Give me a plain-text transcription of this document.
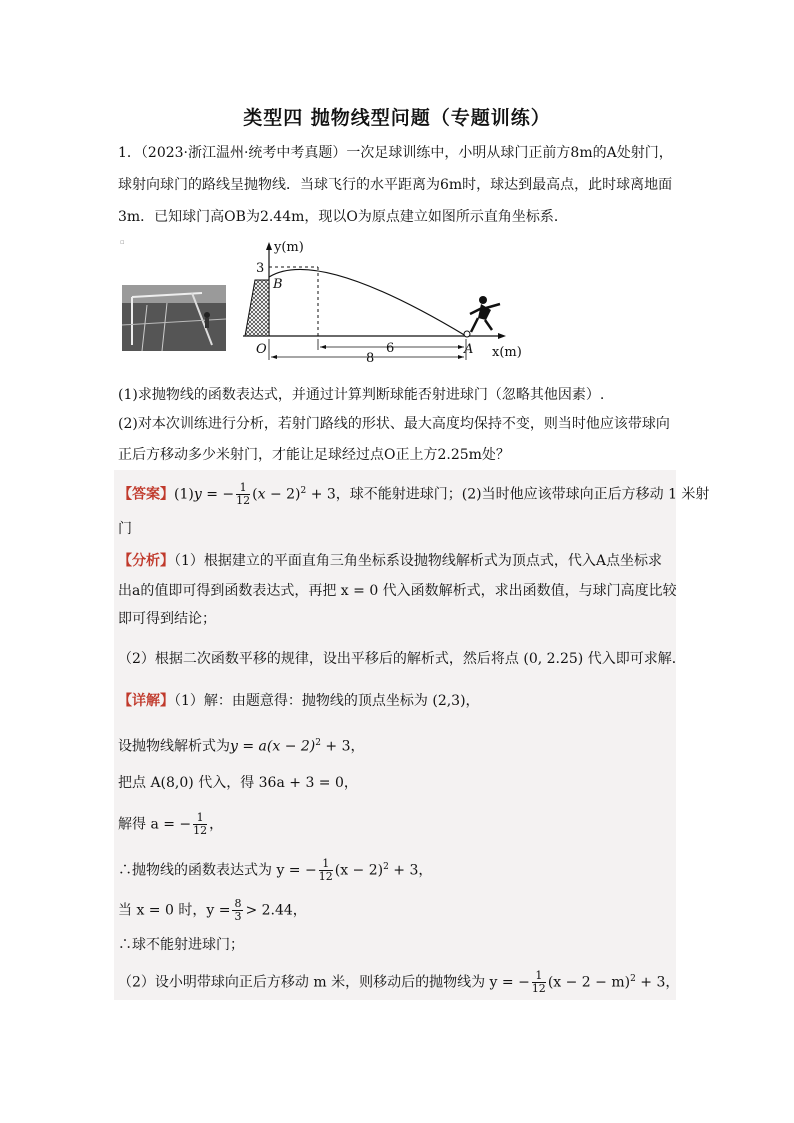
类型四 抛物线型问题（专题训练）
1．（2023·浙江温州·统考中考真题）一次足球训练中，小明从球门正前方8m的A处射门，
球射向球门的路线呈抛物线．当球飞行的水平距离为6m时，球达到最高点，此时球离地面
3m．已知球门高OB为2.44m，现以O为原点建立如图所示直角坐标系．
▫	y(m)
x(m)
3
B
O	A
6
8
(1)求抛物线的函数表达式，并通过计算判断球能否射进球门（忽略其他因素）.
(2)对本次训练进行分析，若射门路线的形状、最大高度均保持不变，则当时他应该带球向
正后方移动多少米射门，才能让足球经过点O正上方2.25m处？
【答案】(1)y = − $\frac{1}{12} (x - 2)^2 + 3$，球不能射进球门；(2)当时他应该带球向正后方移动 1 米射
门
【分析】（1）根据建立的平面直角三角坐标系设抛物线解析式为顶点式，代入A点坐标求
出a的值即可得到函数表达式，再把 x = 0 代入函数解析式，求出函数值，与球门高度比较
即可得到结论；
（2）根据二次函数平移的规律，设出平移后的解析式，然后将点 (0, 2.25) 代入即可求解．
【详解】（1）解：由题意得：抛物线的顶点坐标为 (2,3)，
设抛物线解析式为$y = a(x - 2)^2 + 3$，
把点 A(8,0) 代入，得 36a + 3 = 0，
解得 a = − $\frac{1}{12}$ ，
∴抛物线的函数表达式为 y = − $\frac{1}{12} (x - 2)^2 + 3$，
当 x = 0 时，$y = \frac{8}{3} > 2.44$，
∴球不能射进球门；
（2）设小明带球向正后方移动 m 米，则移动后的抛物线为 y = − $\frac{1}{12} (x - 2 - m)^2 + 3$，
